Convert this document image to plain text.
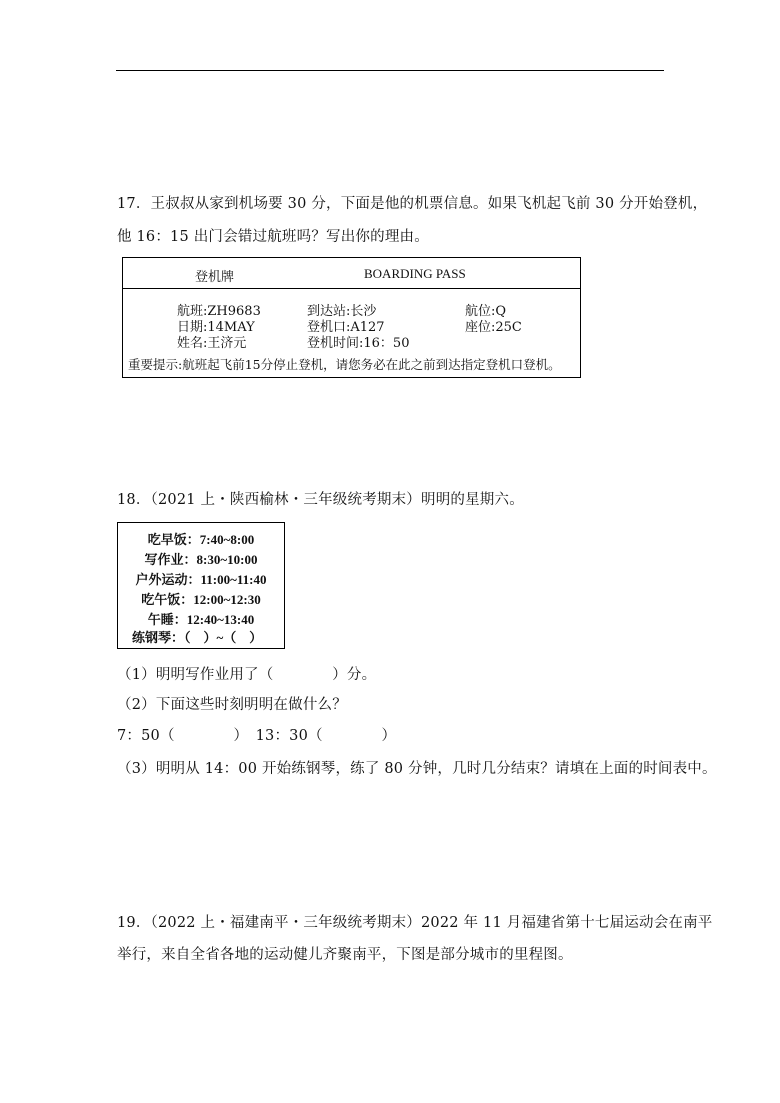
17．王叔叔从家到机场要 30 分，下面是他的机票信息。如果飞机起飞前 30 分开始登机，
他 16：15 出门会错过航班吗？写出你的理由。
登机牌	BOARDING PASS
航班:ZH9683
日期:14MAY
姓名:王济元
到达站:长沙
登机口:A127
登机时间:16：50
航位:Q
座位:25C
重要提示:航班起飞前15分停止登机，请您务必在此之前到达指定登机口登机。
18．（2021 上・陕西榆林・三年级统考期末）明明的星期六。
吃早饭：7:40~8:00
写作业：8:30~10:00
户外运动：11:00~11:40
吃午饭：12:00~12:30
午睡：12:40~13:40
练钢琴：（　）~（　）
（1）明明写作业用了（　　　　）分。
（2）下面这些时刻明明在做什么？
7：50（　　　　）　13：30（　　　　）
（3）明明从 14：00 开始练钢琴，练了 80 分钟，几时几分结束？请填在上面的时间表中。
19．（2022 上・福建南平・三年级统考期末）2022 年 11 月福建省第十七届运动会在南平
举行，来自全省各地的运动健儿齐聚南平，下图是部分城市的里程图。
